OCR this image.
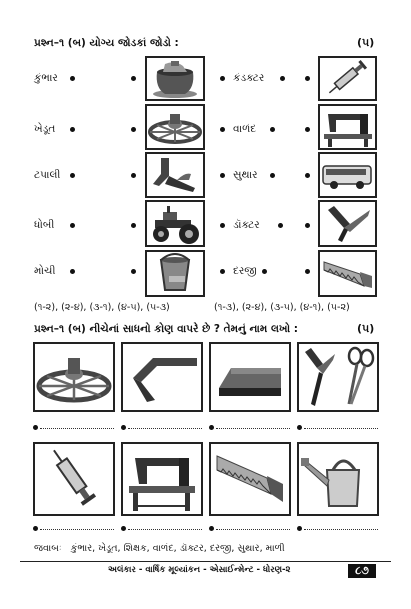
પ્રશ્ન–૧ (બ) યોગ્ય જોડકાં જોડો :	(૫)
કુંભાર
ખેડૂત
ટપાલી
ધોબી
મોચી
કંડક્ટર
વાળંદ
સુથાર
ડૉક્ટર
દરજી
(૧-૨), (૨-૪), (૩-૧), (૪-૫), (૫-૩)	(૧-૩), (૨-૪), (૩-૫), (૪-૧), (૫-૨)
પ્રશ્ન–૧ (બ) નીચેનાં સાધનો કોણ વાપરે છે ? તેમનું નામ લખો :	(૫)
જવાબઃ કુંભાર, ખેડૂત, શિક્ષક, વાળંદ, ડૉક્ટર, દરજી, સુથાર, માળી
અલંકાર - વાર્ષિક મૂલ્યાંકન - એસાઈન્મેન્ટ - ધોરણ-૨	૮૭
